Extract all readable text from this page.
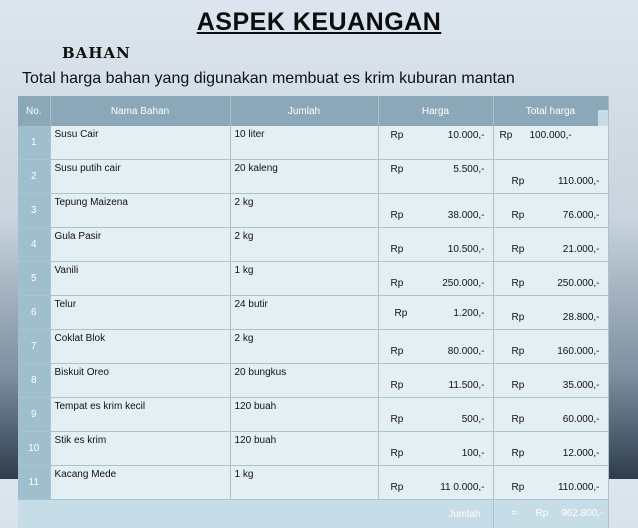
ASPEK KEUANGAN
BAHAN
Total harga bahan yang digunakan membuat es krim kuburan mantan
No.	Nama Bahan	Jumlah	Harga	Total harga

1	Susu Cair	10 liter	Rp 10.000,-	Rp 100.000,-

2	Susu putih cair	20 kaleng	Rp 5.500,-	Rp 110.000,-

3	Tepung Maizena	2 kg	Rp 38.000,-	Rp 76.000,-

4	Gula Pasir	2 kg	Rp 10.500,-	Rp 21.000,-

5	Vanili	1 kg	Rp 250.000,-	Rp 250.000,-

6	Telur	24 butir	Rp 1.200,-	Rp 28.800,-

7	Coklat Blok	2 kg	Rp 80.000,-	Rp 160.000,-

8	Biskuit Oreo	20 bungkus	Rp 11.500,-	Rp 35.000,-

9	Tempat es krim kecil	120 buah	Rp 500,-	Rp 60.000,-

10	Stik es krim	120 buah	Rp 100,-	Rp 12.000,-

11	Kacang Mede	1 kg	Rp 11 0.000,-	Rp 110.000,-

Jumlah				= Rp 962.800,-
